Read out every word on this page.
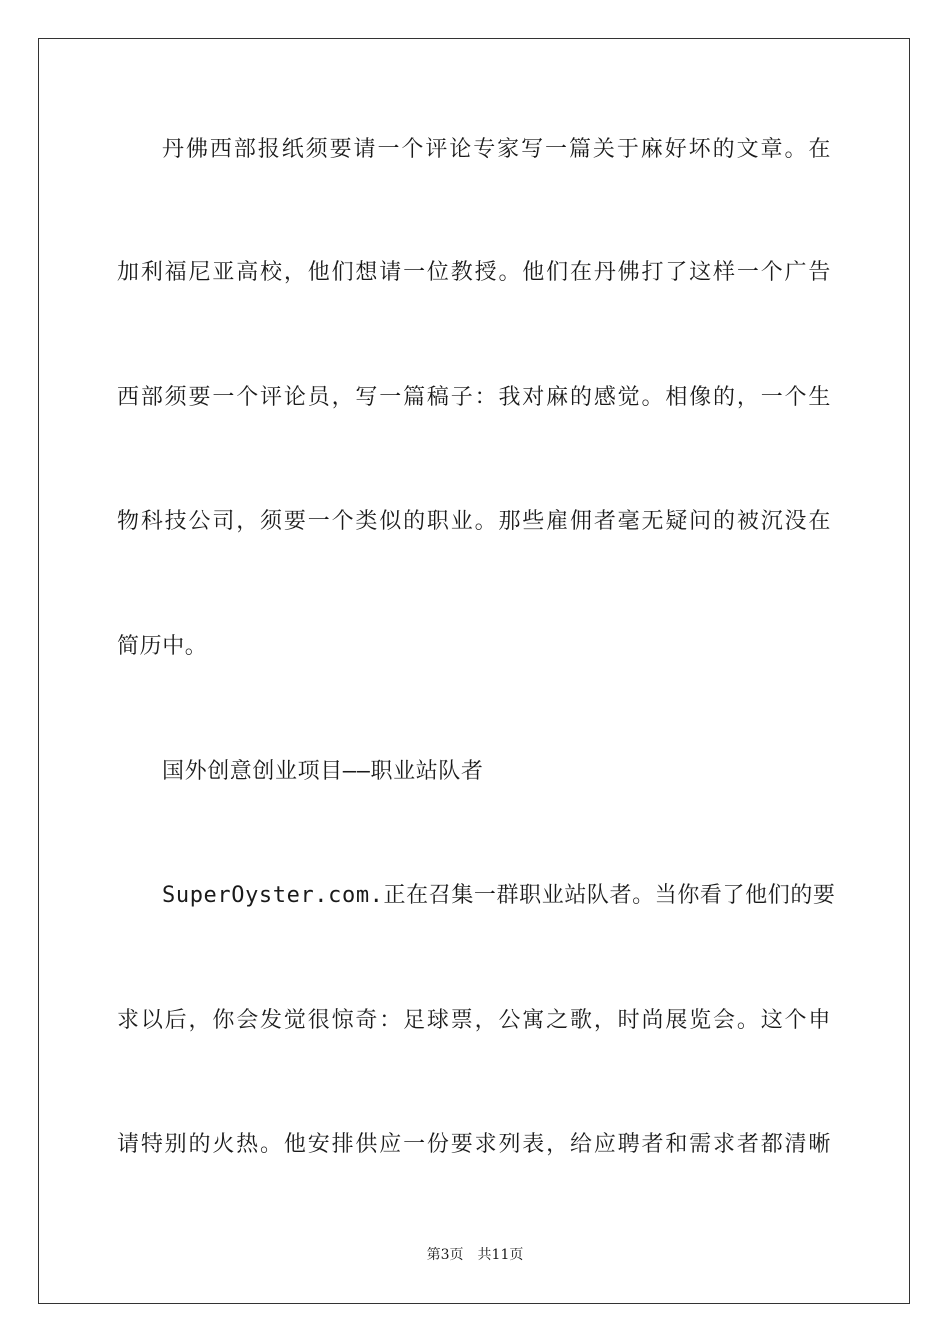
丹佛西部报纸须要请一个评论专家写一篇关于麻好坏的文章。在
加利福尼亚高校，他们想请一位教授。他们在丹佛打了这样一个广告
西部须要一个评论员，写一篇稿子：我对麻的感觉。相像的，一个生
物科技公司，须要一个类似的职业。那些雇佣者毫无疑问的被沉没在
简历中。
国外创意创业项目——职业站队者
SuperOyster.com.正在召集一群职业站队者。当你看了他们的要
求以后，你会发觉很惊奇：足球票，公寓之歌，时尚展览会。这个申
请特别的火热。他安排供应一份要求列表，给应聘者和需求者都清晰
第3页 共11页
